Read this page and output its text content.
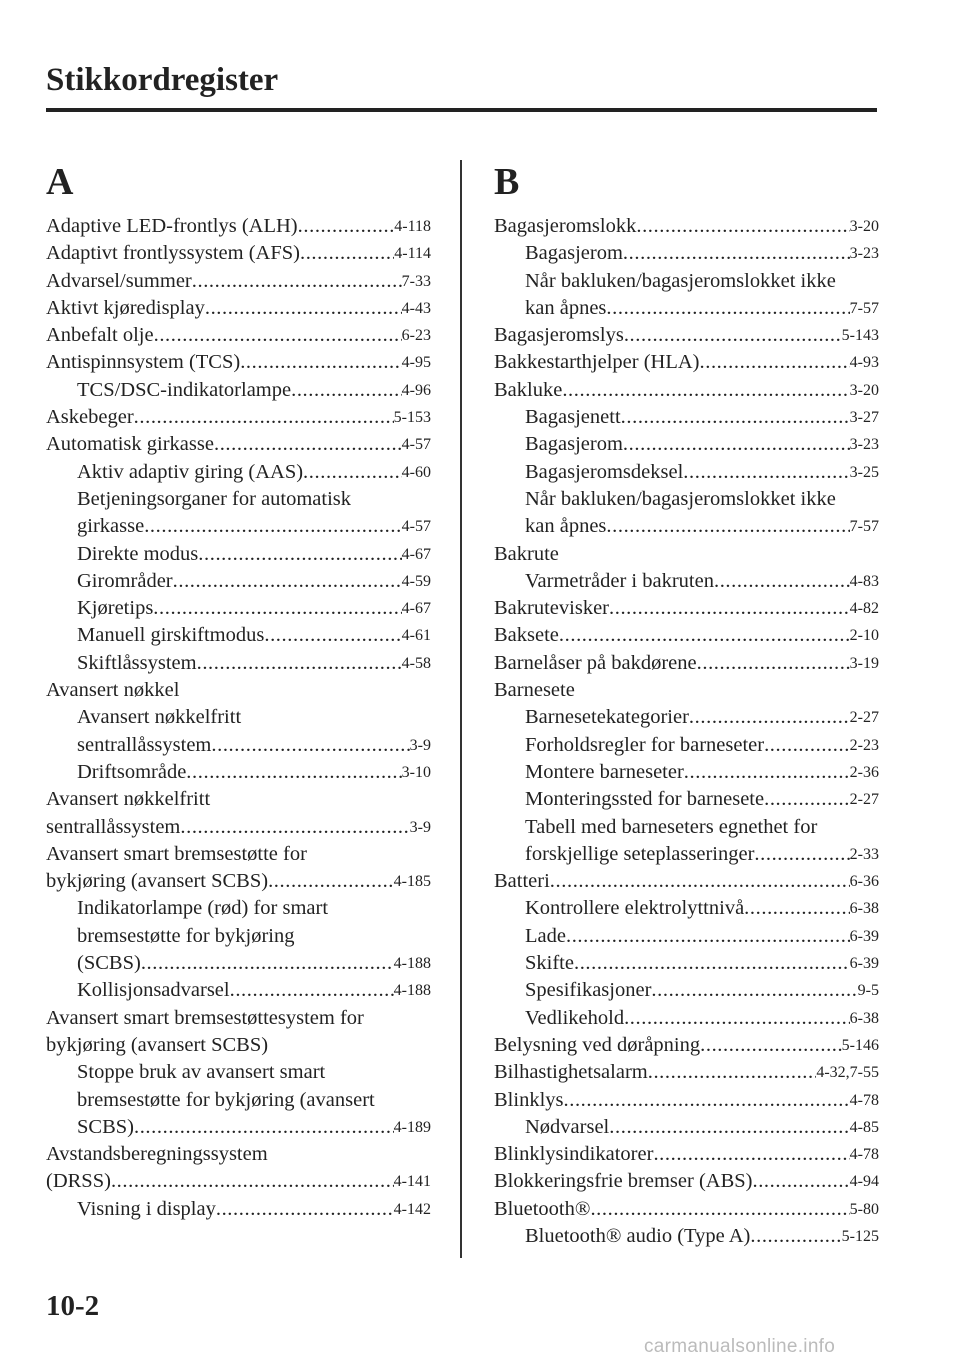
Stikkordregister
A
Adaptive LED-frontlys (ALH) .....	4-118
Adaptivt frontlyssystem (AFS) .....	4-114
Advarsel/summer .....	7-33
Aktivt kjøredisplay .....	4-43
Anbefalt olje .....	6-23
Antispinnsystem (TCS) .....	4-95
TCS/DSC-indikatorlampe .....	4-96
Askebeger .....	5-153
Automatisk girkasse .....	4-57
Aktiv adaptiv giring (AAS) .....	4-60
Betjeningsorganer for automatisk
girkasse .....	4-57
Direkte modus .....	4-67
Girområder .....	4-59
Kjøretips .....	4-67
Manuell girskiftmodus .....	4-61
Skiftlåssystem .....	4-58
Avansert nøkkel
Avansert nøkkelfritt
sentrallåssystem .....	3-9
Driftsområde .....	3-10
Avansert nøkkelfritt
sentrallåssystem .....	3-9
Avansert smart bremsestøtte for
bykjøring (avansert SCBS) .....	4-185
Indikatorlampe (rød) for smart
bremsestøtte for bykjøring
(SCBS) .....	4-188
Kollisjonsadvarsel .....	4-188
Avansert smart bremsestøttesystem for
bykjøring (avansert SCBS)
Stoppe bruk av avansert smart
bremsestøtte for bykjøring (avansert
SCBS) .....	4-189
Avstandsberegningssystem
(DRSS) .....	4-141
Visning i display .....	4-142
B
Bagasjeromslokk .....	3-20
Bagasjerom .....	3-23
Når bakluken/bagasjeromslokket ikke
kan åpnes .....	7-57
Bagasjeromslys .....	5-143
Bakkestarthjelper (HLA) .....	4-93
Bakluke .....	3-20
Bagasjenett .....	3-27
Bagasjerom .....	3-23
Bagasjeromsdeksel .....	3-25
Når bakluken/bagasjeromslokket ikke
kan åpnes .....	7-57
Bakrute
Varmetråder i bakruten .....	4-83
Bakrutevisker .....	4-82
Baksete .....	2-10
Barnelåser på bakdørene .....	3-19
Barnesete
Barnesetekategorier .....	2-27
Forholdsregler for barneseter .....	2-23
Montere barneseter .....	2-36
Monteringssted for barnesete .....	2-27
Tabell med barneseters egnethet for
forskjellige seteplasseringer .....	2-33
Batteri .....	6-36
Kontrollere elektrolyttnivå .....	6-38
Lade .....	6-39
Skifte .....	6-39
Spesifikasjoner .....	9-5
Vedlikehold .....	6-38
Belysning ved døråpning .....	5-146
Bilhastighetsalarm .....	4-32,7-55
Blinklys .....	4-78
Nødvarsel .....	4-85
Blinklysindikatorer .....	4-78
Blokkeringsfrie bremser (ABS) .....	4-94
Bluetooth® .....	5-80
Bluetooth® audio (Type A) .....	5-125
10-2
carmanualsonline.info
